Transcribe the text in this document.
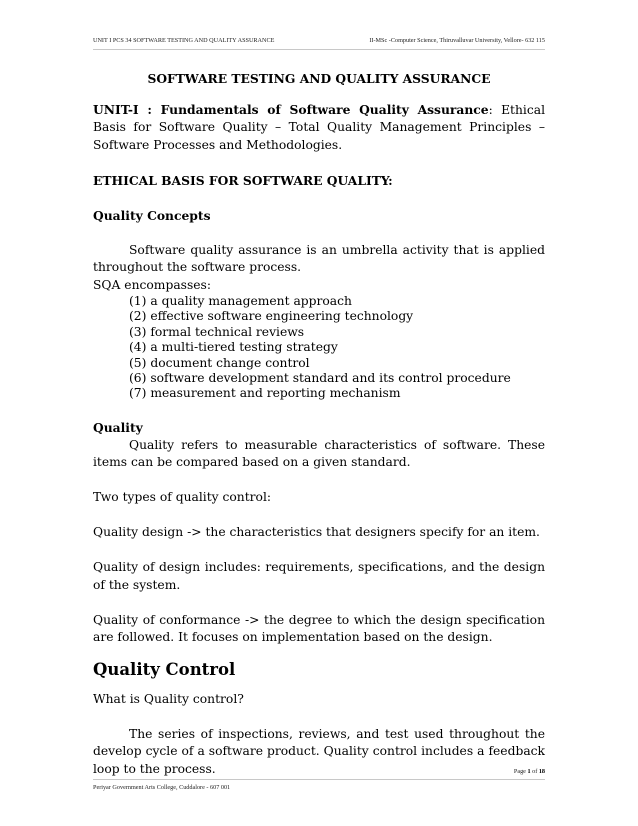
UNIT I PCS 34 SOFTWARE TESTING AND QUALITY ASSURANCE	II-MSc -Computer Science, Thiruvalluvar University, Vellore- 632 115

SOFTWARE TESTING AND QUALITY ASSURANCE

UNIT-I : Fundamentals of Software Quality Assurance: Ethical Basis for Software Quality – Total Quality Management Principles – Software Processes and Methodologies.

ETHICAL BASIS FOR SOFTWARE QUALITY:

Quality Concepts

Software quality assurance is an umbrella activity that is applied throughout the software process.

SQA encompasses:

(1) a quality management approach
(2) effective software engineering technology
(3) formal technical reviews
(4) a multi-tiered testing strategy
(5) document change control
(6) software development standard and its control procedure
(7) measurement and reporting mechanism

Quality

Quality refers to measurable characteristics of software. These items can be compared based on a given standard.

Two types of quality control:

Quality design -> the characteristics that designers specify for an item.

Quality of design includes: requirements, specifications, and the design of the system.

Quality of conformance -> the degree to which the design specification are followed. It focuses on implementation based on the design.

Quality Control

What is Quality control?

The series of inspections, reviews, and test used throughout the develop cycle of a software product. Quality control includes a feedback loop to the process.	Page 1 of 18
Periyar Government Arts College, Cuddalore - 607 001
